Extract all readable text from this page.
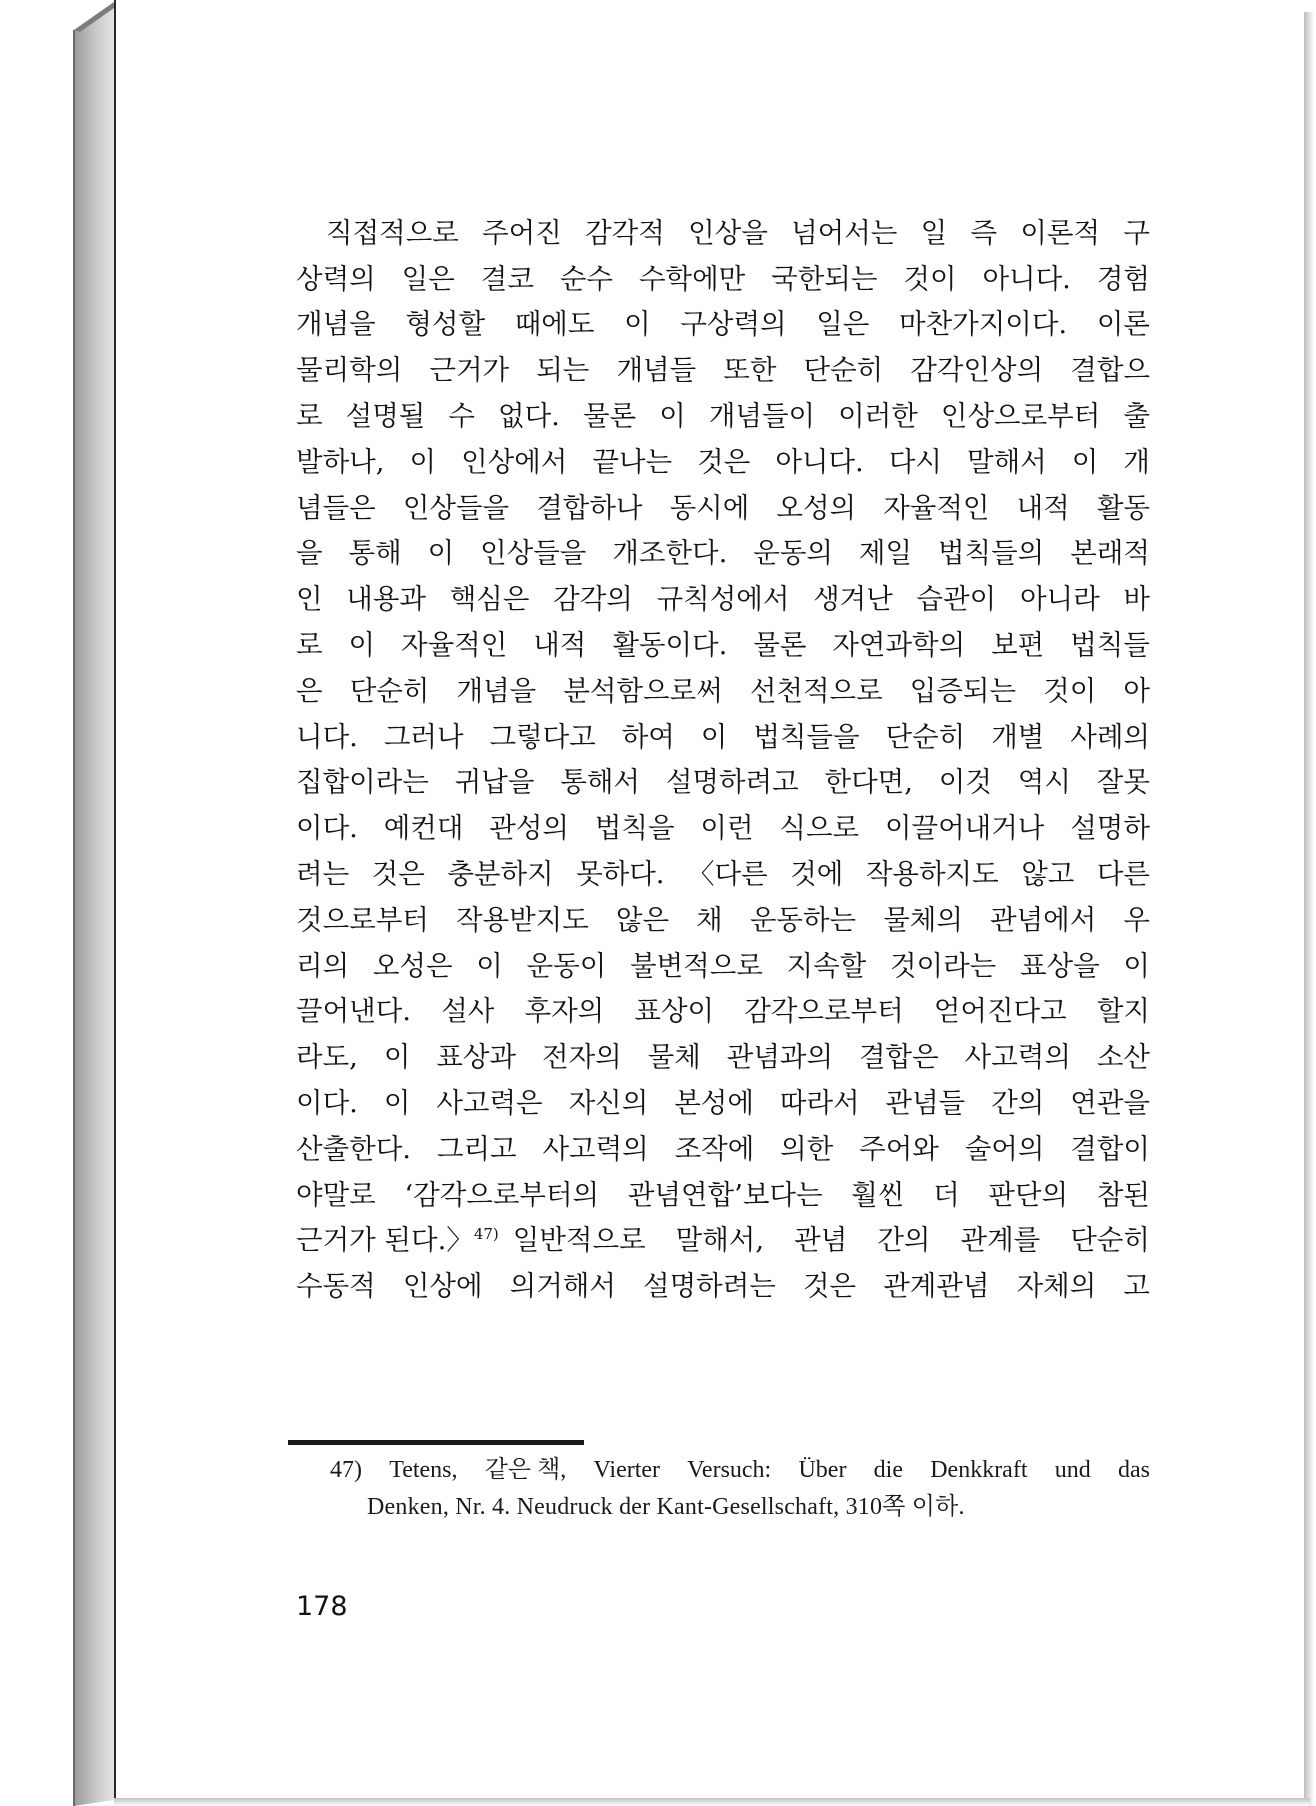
직접적으로 주어진 감각적 인상을 넘어서는 일 즉 이론적 구
상력의 일은 결코 순수 수학에만 국한되는 것이 아니다. 경험
개념을 형성할 때에도 이 구상력의 일은 마찬가지이다. 이론
물리학의 근거가 되는 개념들 또한 단순히 감각인상의 결합으
로 설명될 수 없다. 물론 이 개념들이 이러한 인상으로부터 출
발하나, 이 인상에서 끝나는 것은 아니다. 다시 말해서 이 개
념들은 인상들을 결합하나 동시에 오성의 자율적인 내적 활동
을 통해 이 인상들을 개조한다. 운동의 제일 법칙들의 본래적
인 내용과 핵심은 감각의 규칙성에서 생겨난 습관이 아니라 바
로 이 자율적인 내적 활동이다. 물론 자연과학의 보편 법칙들
은 단순히 개념을 분석함으로써 선천적으로 입증되는 것이 아
니다. 그러나 그렇다고 하여 이 법칙들을 단순히 개별 사례의
집합이라는 귀납을 통해서 설명하려고 한다면, 이것 역시 잘못
이다. 예컨대 관성의 법칙을 이런 식으로 이끌어내거나 설명하
려는 것은 충분하지 못하다. 〈다른 것에 작용하지도 않고 다른
것으로부터 작용받지도 않은 채 운동하는 물체의 관념에서 우
리의 오성은 이 운동이 불변적으로 지속할 것이라는 표상을 이
끌어낸다. 설사 후자의 표상이 감각으로부터 얻어진다고 할지
라도, 이 표상과 전자의 물체 관념과의 결합은 사고력의 소산
이다. 이 사고력은 자신의 본성에 따라서 관념들 간의 연관을
산출한다. 그리고 사고력의 조작에 의한 주어와 술어의 결합이
야말로 ‘감각으로부터의 관념연합’보다는 훨씬 더 판단의 참된
근거가 된다.〉$^{47)}$ 일반적으로 말해서, 관념 간의 관계를 단순히
수동적 인상에 의거해서 설명하려는 것은 관계관념 자체의 고
47) Tetens, 같은 책, Vierter Versuch: Über die Denkkraft und das
Denken, Nr. 4. Neudruck der Kant-Gesellschaft, 310쪽 이하.
178
